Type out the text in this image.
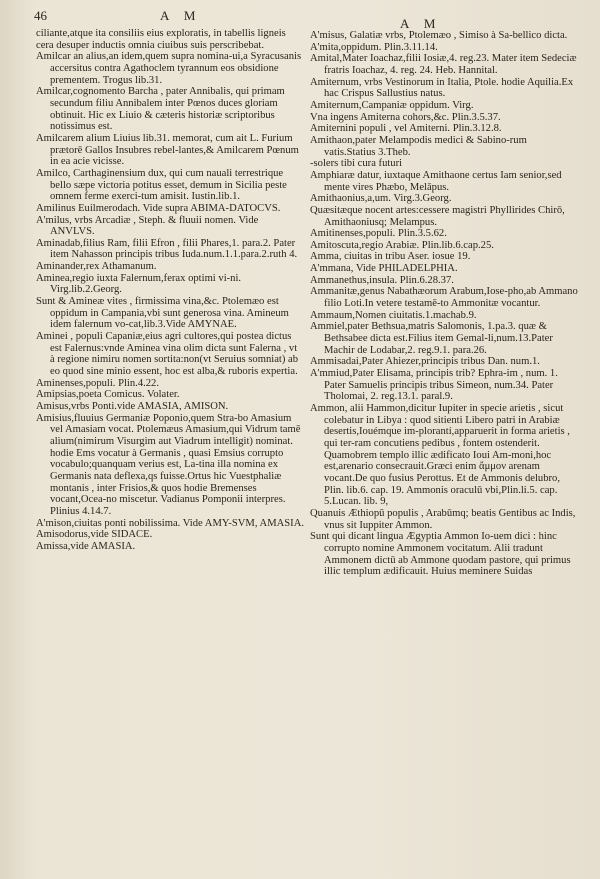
46	A M
A M
ciliante,atque ita consiliis eius exploratis, in tabellis ligneis cera desuper inductis omnia ciuibus suis perscribebat.
Amilcar an alius,an idem,quem supra nomina-ui,a Syracusanis accersitus contra Agathoclem tyrannum eos obsidione prementem. Trogus lib.31.
Amilcar,cognomento Barcha , pater Annibalis, qui primam secundum filiu Annibalem inter Pœnos duces gloriam obtinuit. Hic ex Liuio & cæteris historiæ scriptoribus notissimus est.
Amilcarem alium Liuius lib.31. memorat, cum ait L. Furium prætorē Gallos Insubres rebel-lantes,& Amilcarem Pœnum in ea acie vicisse.
Amilco, Carthaginensium dux, qui cum nauali terrestrique bello sæpe victoria potitus esset, demum in Sicilia peste omnem ferme exerci-tum amisit. Iustin.lib.1.
Amilinus Euilmerodach. Vide supra ABIMA-DATOCVS.
A'milus, vrbs Arcadiæ , Steph. & fluuii nomen. Vide ANVLVS.
Aminadab,filius Ram, filii Efron , filii Phares,1. para.2. Pater item Nahasson principis tribus Iuda.num.1.1.para.2.ruth 4.
Aminander,rex Athamanum.
Aminea,regio iuxta Falernum,ferax optimi vi-ni. Virg.lib.2.Georg.
Sunt & Amineæ vites , firmissima vina,&c. Ptolemæo est oppidum in Campania,vbi sunt generosa vina. Amineum idem falernum vo-cat,lib.3.Vide AMYNAE.
Aminei , populi Capaniæ,eius agri cultores,qui postea dictus est Falernus:vnde Aminea vina olim dicta sunt Falerna , vt à regione nimiru nomen sortita:non(vt Seruius somniat) ab eo quod sine minio essent, hoc est alba,& ruboris expertia.
Aminenses,populi. Plin.4.22.
Amipsias,poeta Comicus. Volater.
Amisus,vrbs Ponti.vide AMASIA, AMISON.
Amisius,fluuius Germaniæ Poponio,quem Stra-bo Amasium vel Amasiam vocat. Ptolemæus Amasium,qui Vidrum tamē alium(nimirum Visurgim aut Viadrum intelligit) nominat. hodie Ems vocatur à Germanis , quasi Emsius corrupto vocabulo;quanquam verius est, La-tina illa nomina ex Germanis nata deflexa,qs fuisse.Ortus hic Vuestphaliæ montanis , inter Frisios,& quos hodie Bremenses vocant,Ocea-no miscetur. Vadianus Pomponii interpres. Plinius 4.14.7.
A'mison,ciuitas ponti nobilissima. Vide AMY-SVM, AMASIA.
Amisodorus,vide SIDACE.
Amissa,vide AMASIA.
A'misus, Galatiæ vrbs, Ptolemæo , Simiso à Sa-bellico dicta.
A'mita,oppidum. Plin.3.11.14.
Amital,Mater Ioachaz,filii Iosiæ,4. reg.23. Mater item Sedeciæ fratris Ioachaz, 4. reg. 24. Heb. Hannital.
Amiternum, vrbs Vestinorum in Italia, Ptole. hodie Aquilia.Ex hac Crispus Sallustius natus.
Amiternum,Campaniæ oppidum. Virg.
Vna ingens Amiterna cohors,&c. Plin.3.5.37.
Amiternini populi , vel Amiterni. Plin.3.12.8.
Amithaon,pater Melampodis medici & Sabino-rum vatis.Statius 3.Theb.
-solers tibi cura futuri
Amphiaræ datur, iuxtaque Amithaone certus Iam senior,sed mente vires Phæbo, Melāpus.
Amithaonius,a,um. Virg.3.Georg.
Quæsitæque nocent artes:cessere magistri Phyllirides Chirō, Amithaoniusq; Melampus.
Amitinenses,populi. Plin.3.5.62.
Amitoscuta,regio Arabiæ. Plin.lib.6.cap.25.
Amma, ciuitas in tribu Aser. iosue 19.
A'mmana, Vide PHILADELPHIA.
Ammanethus,insula. Plin.6.28.37.
Ammanitæ,genus Nabathæorum Arabum,Iose-pho,ab Ammano filio Loti.In vetere testamē-to Ammonitæ vocantur.
Ammaum,Nomen ciuitatis.1.machab.9.
Ammiel,pater Bethsua,matris Salomonis, 1.pa.3. quæ & Bethsabee dicta est.Filius item Gemal-li,num.13.Pater Machir de Lodabar,2. reg.9.1. para.26.
Ammisadai,Pater Ahiezer,principis tribus Dan. num.1.
A'mmiud,Pater Elisama, principis trib? Ephra-im , num. 1. Pater Samuelis principis tribus Simeon, num.34. Pater Tholomai, 2. reg.13.1. paral.9.
Ammon, alii Hammon,dicitur Iupiter in specie arietis , sicut colebatur in Libya : quod sitienti Libero patri in Arabiæ desertis,Iouémque im-plorantí,apparuerit in forma arietis , qui ter-ram concutiens pedibus , fontem ostenderit. Quamobrem templo illic ædificato Ioui Am-moni,hoc est,arenario consecrauit.Græci enim ἄμμον arenam vocant.De quo fusius Perottus. Et de Ammonis delubro, Plin. lib.6. cap. 19. Ammonis oraculū vbi,Plin.li.5. cap. 5.Lucan. lib. 9,
Quanuis Æthiopū populis , Arabūmq; beatis Gentibus ac Indis, vnus sit Iuppiter Ammon.
Sunt qui dicant lingua Ægyptia Ammon Io-uem dici : hinc corrupto nomine Ammonem vocitatum. Alii tradunt Ammonem dictū ab Ammone quodam pastore, qui primus illic templum ædificauit. Huius meminere Suidas
